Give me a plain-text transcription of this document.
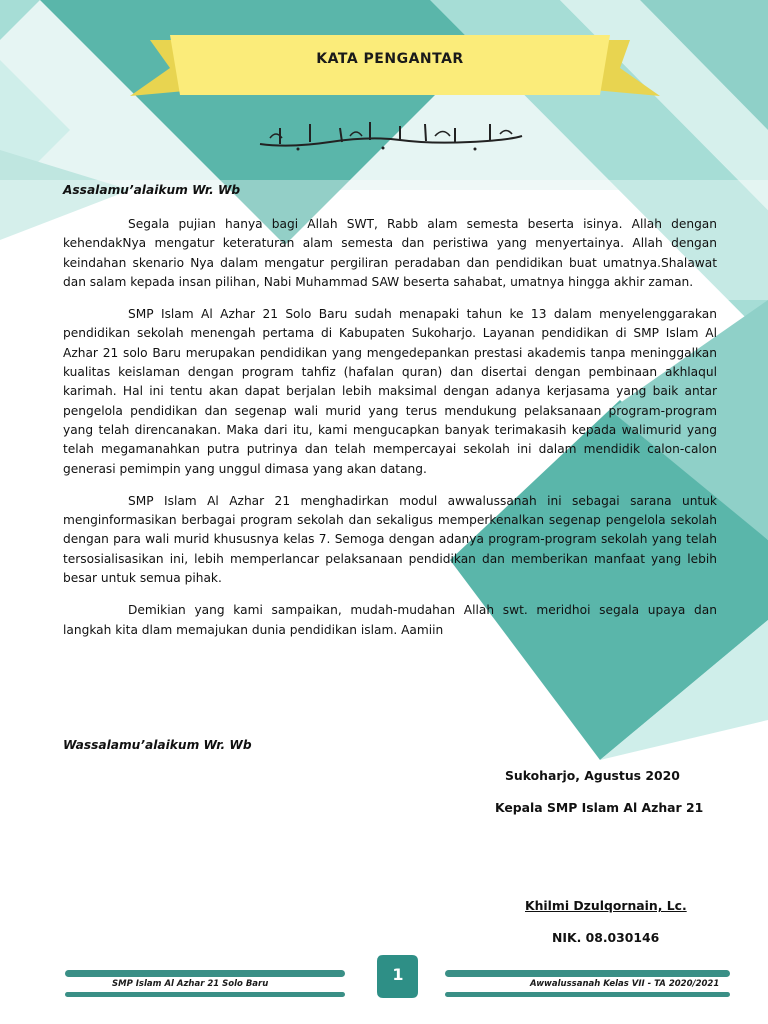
KATA PENGANTAR
Assalamu’alaikum Wr. Wb

Segala pujian hanya bagi Allah SWT, Rabb alam semesta beserta isinya. Allah dengan kehendakNya mengatur keteraturan alam semesta dan peristiwa yang menyertainya. Allah dengan keindahan skenario Nya dalam mengatur pergiliran peradaban dan pendidikan buat umatnya.Shalawat dan salam kepada insan pilihan, Nabi Muhammad SAW beserta sahabat, umatnya hingga akhir zaman.

SMP Islam Al Azhar 21 Solo Baru sudah menapaki tahun ke 13 dalam menyelenggarakan pendidikan sekolah menengah pertama di Kabupaten Sukoharjo. Layanan pendidikan di SMP Islam Al Azhar 21 solo Baru merupakan pendidikan yang mengedepankan prestasi akademis tanpa meninggalkan kualitas keislaman dengan program tahfiz (hafalan quran) dan disertai dengan pembinaan akhlaqul karimah. Hal ini tentu akan dapat berjalan lebih maksimal dengan adanya kerjasama yang baik antar pengelola pendidikan dan segenap wali murid yang terus mendukung pelaksanaan program-program yang telah direncanakan. Maka dari itu, kami mengucapkan banyak terimakasih kepada walimurid yang telah megamanahkan putra putrinya dan telah mempercayai sekolah ini dalam mendidik calon-calon generasi pemimpin yang unggul dimasa yang akan datang.

SMP Islam Al Azhar 21 menghadirkan modul awwalussanah ini sebagai sarana untuk menginformasikan berbagai program sekolah dan sekaligus memperkenalkan segenap pengelola sekolah dengan para wali murid khususnya kelas 7. Semoga dengan adanya program-program sekolah yang telah tersosialisasikan ini, lebih memperlancar pelaksanaan pendidikan dan memberikan manfaat yang lebih besar untuk semua pihak.

Demikian yang kami sampaikan, mudah-mudahan Allah swt. meridhoi segala upaya dan langkah kita dlam memajukan dunia pendidikan islam. Aamiin

Wassalamu’alaikum Wr. Wb
Sukoharjo, Agustus 2020
Kepala SMP Islam Al Azhar 21
Khilmi Dzulqornain, Lc.
NIK. 08.030146
SMP Islam Al Azhar 21 Solo Baru	1	Awwalussanah Kelas VII - TA 2020/2021
